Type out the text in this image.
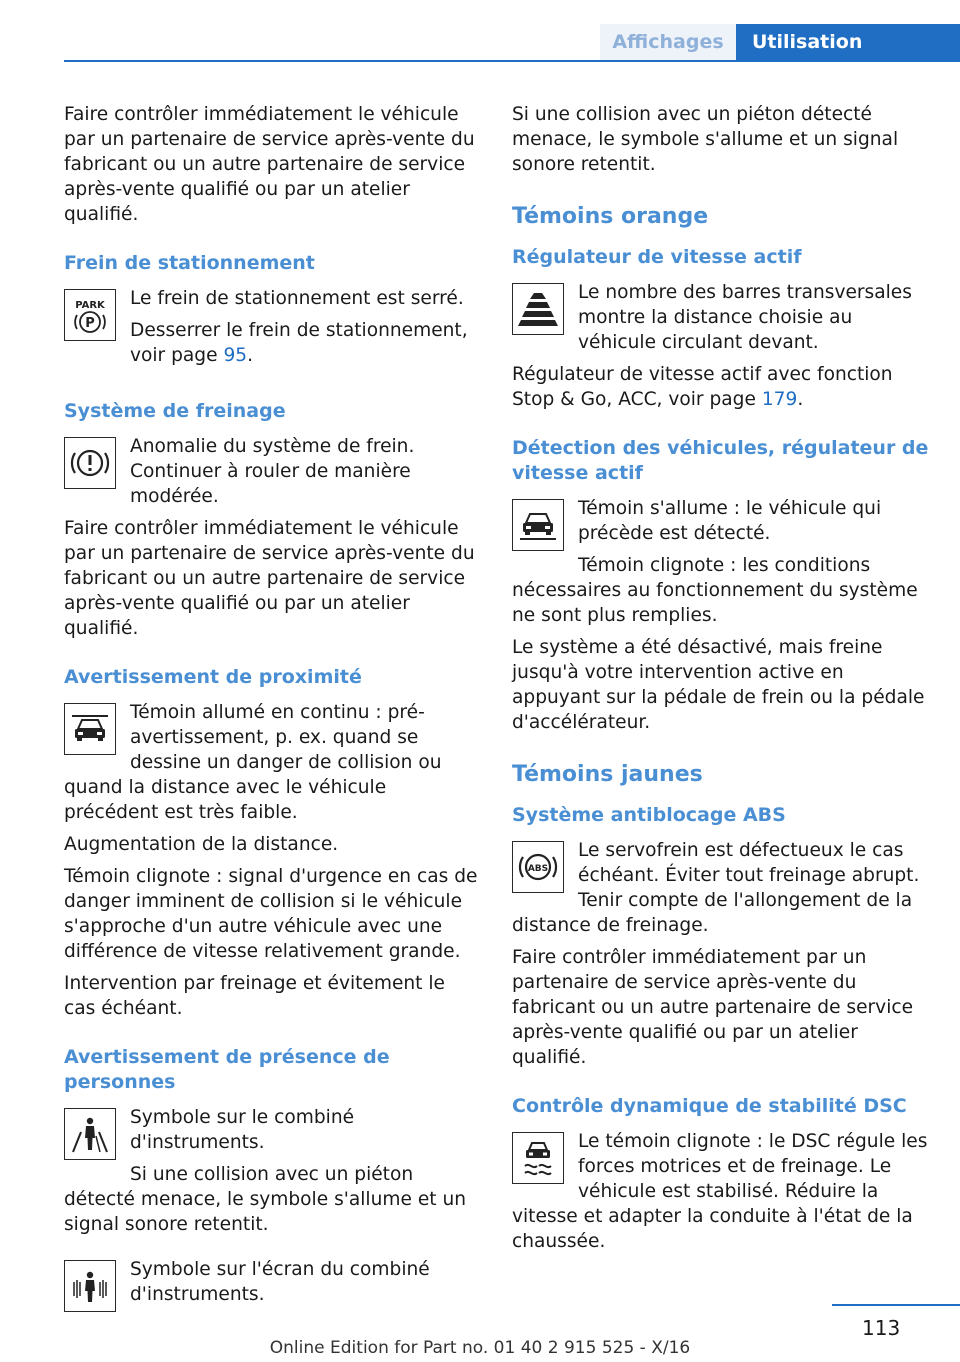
Affichages	Utilisation

Faire contrôler immédiatement le véhicule par un partenaire de service après-vente du fabricant ou un autre partenaire de service après-vente qualifié ou par un atelier qualifié.

Frein de stationnement
PARK
P

Le frein de stationnement est serré.

Desserrer le frein de stationnement, voir page 95.

Système de freinage

Anomalie du système de frein. Continuer à rouler de manière modérée.

Faire contrôler immédiatement le véhicule par un partenaire de service après-vente du fabricant ou un autre partenaire de service après-vente qualifié ou par un atelier qualifié.

Avertissement de proximité

Témoin allumé en continu : pré-avertissement, p. ex. quand se dessine un danger de collision ou quand la distance avec le véhicule précédent est très faible.

Augmentation de la distance.

Témoin clignote : signal d'urgence en cas de danger imminent de collision si le véhicule s'approche d'un autre véhicule avec une différence de vitesse relativement grande.

Intervention par freinage et évitement le cas échéant.

Avertissement de présence de personnes

Symbole sur le combiné d'instruments.

Si une collision avec un piéton détecté menace, le symbole s'allume et un signal sonore retentit.

Symbole sur l'écran du combiné d'instruments.

Si une collision avec un piéton détecté menace, le symbole s'allume et un signal sonore retentit.

Témoins orange
Régulateur de vitesse actif

Le nombre des barres transversales montre la distance choisie au véhicule circulant devant.

Régulateur de vitesse actif avec fonction Stop & Go, ACC, voir page 179.

Détection des véhicules, régulateur de vitesse actif

Témoin s'allume : le véhicule qui précède est détecté.

Témoin clignote : les conditions nécessaires au fonctionnement du système ne sont plus remplies.

Le système a été désactivé, mais freine jusqu'à votre intervention active en appuyant sur la pédale de frein ou la pédale d'accélérateur.

Témoins jaunes
Système antiblocage ABS
ABS

Le servofrein est défectueux le cas échéant. Éviter tout freinage abrupt. Tenir compte de l'allongement de la distance de freinage.

Faire contrôler immédiatement par un partenaire de service après-vente du fabricant ou un autre partenaire de service après-vente qualifié ou par un atelier qualifié.

Contrôle dynamique de stabilité DSC

Le témoin clignote : le DSC régule les forces motrices et de freinage. Le véhicule est stabilisé. Réduire la vitesse et adapter la conduite à l'état de la chaussée.

113
Online Edition for Part no. 01 40 2 915 525 - X/16
